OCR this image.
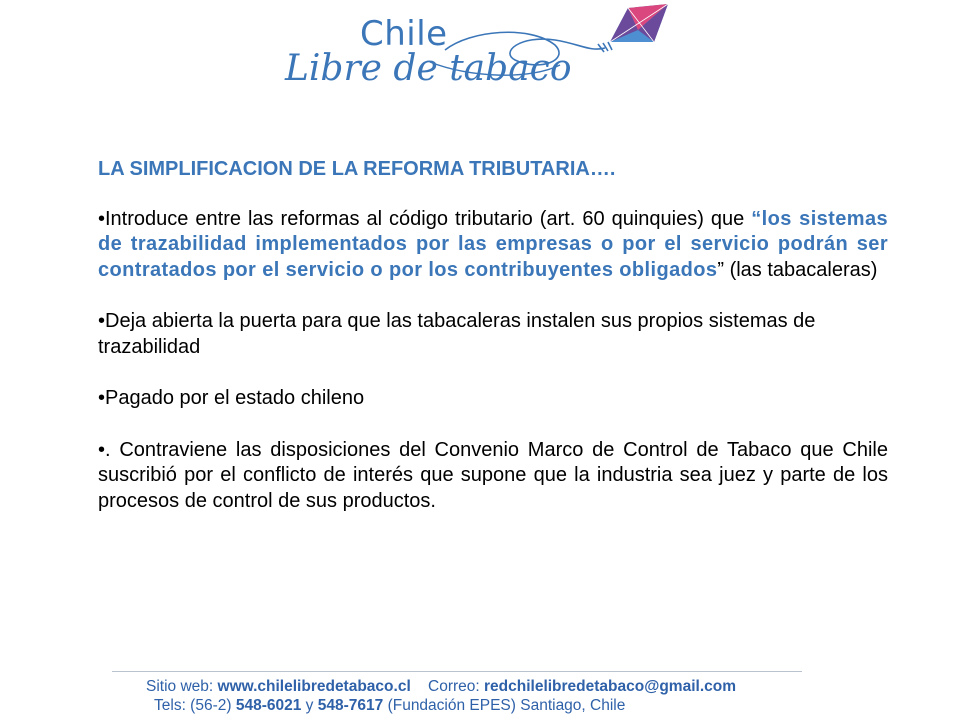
Chile
Libre de tabaco
LA SIMPLIFICACION DE LA REFORMA TRIBUTARIA….
•Introduce entre las reformas al código tributario (art. 60 quinquies) que “los sistemas de trazabilidad implementados por las empresas o por el servicio podrán ser contratados por el servicio o por los contribuyentes obligados” (las tabacaleras)
•Deja abierta la puerta para que las tabacaleras instalen sus propios sistemas de trazabilidad
•Pagado por el estado chileno
•. Contraviene las disposiciones del Convenio Marco de Control de Tabaco que Chile suscribió por el conflicto de interés que supone que la industria sea juez y parte de los procesos de control de sus productos.
Sitio web: www.chilelibredetabaco.cl Correo: redchilelibredetabaco@gmail.com
Tels: (56-2) 548-6021 y 548-7617 (Fundación EPES) Santiago, Chile
